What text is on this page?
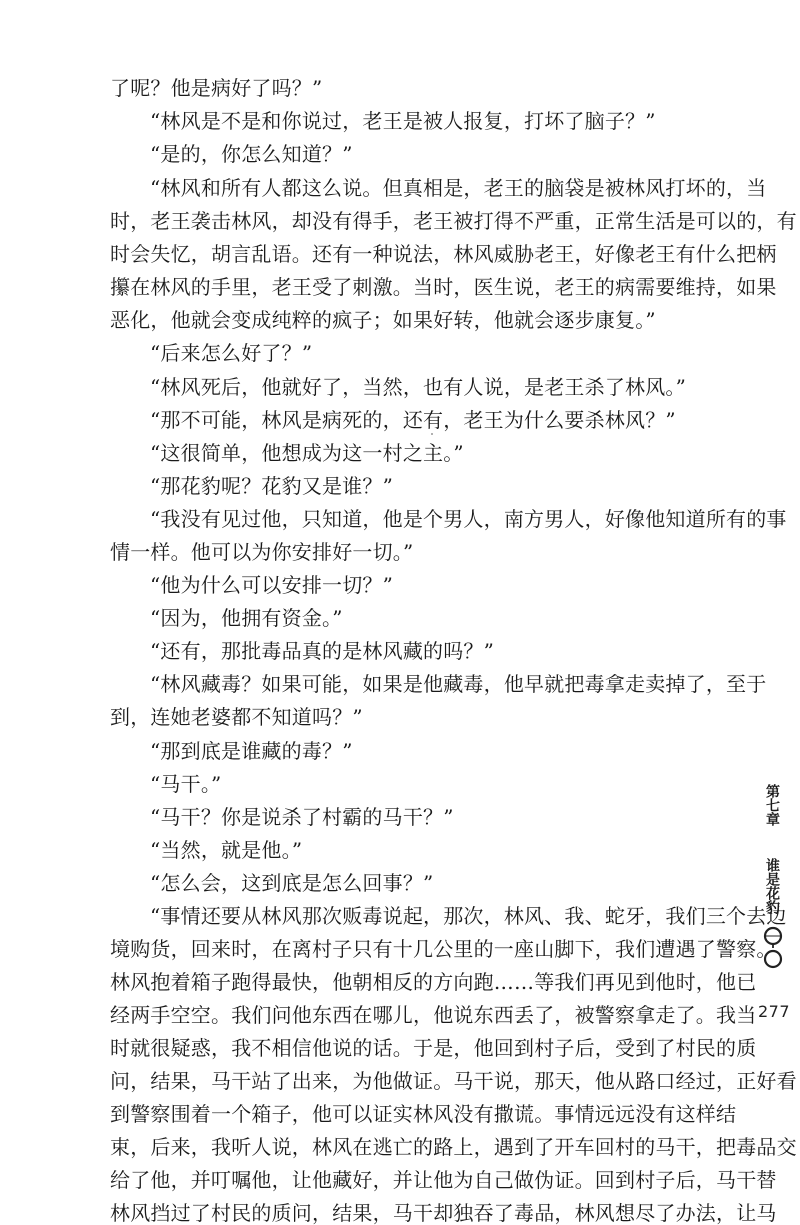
了呢？他是病好了吗？”
“林风是不是和你说过，老王是被人报复，打坏了脑子？”
“是的，你怎么知道？”
“林风和所有人都这么说。但真相是，老王的脑袋是被林风打坏的，当
时，老王袭击林风，却没有得手，老王被打得不严重，正常生活是可以的，有
时会失忆，胡言乱语。还有一种说法，林风威胁老王，好像老王有什么把柄
攥在林风的手里，老王受了刺激。当时，医生说，老王的病需要维持，如果
恶化，他就会变成纯粹的疯子；如果好转，他就会逐步康复。”
“后来怎么好了？”
“林风死后，他就好了，当然，也有人说，是老王杀了林风。”
“那不可能，林风是病死的，还有，老王为什么要杀林风？”
“这很简单，他想成为这一村之主。”
“那花豹呢？花豹又是谁？”
“我没有见过他，只知道，他是个男人，南方男人，好像他知道所有的事
情一样。他可以为你安排好一切。”
“他为什么可以安排一切？”
“因为，他拥有资金。”
“还有，那批毒品真的是林风藏的吗？”
“林风藏毒？如果可能，如果是他藏毒，他早就把毒拿走卖掉了，至于
到，连她老婆都不知道吗？”
“那到底是谁藏的毒？”
“马干。”
“马干？你是说杀了村霸的马干？”
“当然，就是他。”
“怎么会，这到底是怎么回事？”
“事情还要从林风那次贩毒说起，那次，林风、我、蛇牙，我们三个去边
境购货，回来时，在离村子只有十几公里的一座山脚下，我们遭遇了警察。
林风抱着箱子跑得最快，他朝相反的方向跑……等我们再见到他时，他已
经两手空空。我们问他东西在哪儿，他说东西丢了，被警察拿走了。我当
时就很疑惑，我不相信他说的话。于是，他回到村子后，受到了村民的质
问，结果，马干站了出来，为他做证。马干说，那天，他从路口经过，正好看
到警察围着一个箱子，他可以证实林风没有撒谎。事情远远没有这样结
束，后来，我听人说，林风在逃亡的路上，遇到了开车回村的马干，把毒品交
给了他，并叮嘱他，让他藏好，并让他为自己做伪证。回到村子后，马干替
林风挡过了村民的质问，结果，马干却独吞了毒品，林风想尽了办法，让马
第七章
谁是花豹
277
